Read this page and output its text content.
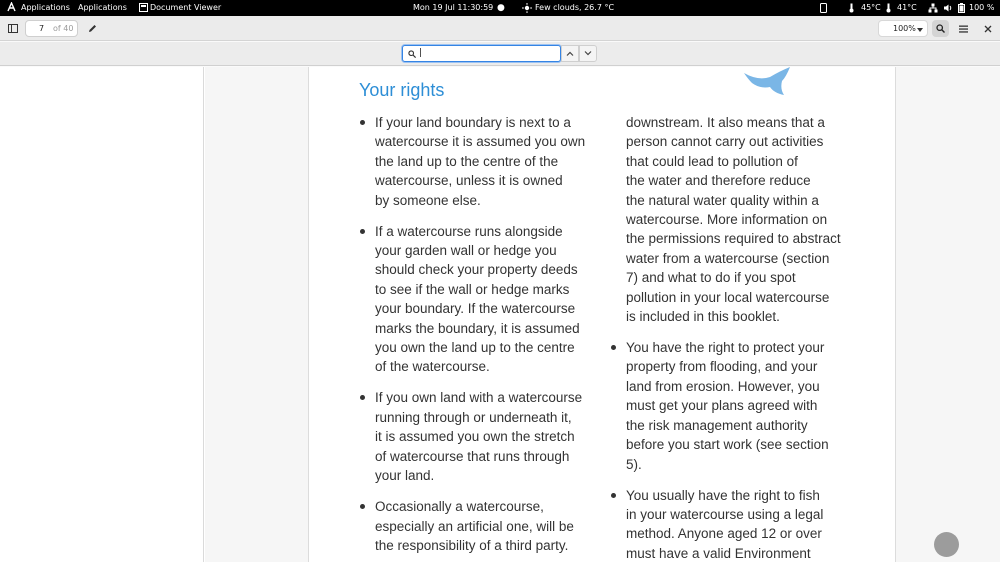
Applications Applications	Document Viewer	Mon 19 Jul 11:30:59 ●	Few clouds, 26.7 °C	45°C 41°C	100 %
7 of 40	100%
|
Your rights
If your land boundary is next to a
watercourse it is assumed you own
the land up to the centre of the
watercourse, unless it is owned
by someone else.
If a watercourse runs alongside
your garden wall or hedge you
should check your property deeds
to see if the wall or hedge marks
your boundary. If the watercourse
marks the boundary, it is assumed
you own the land up to the centre
of the watercourse.
If you own land with a watercourse
running through or underneath it,
it is assumed you own the stretch
of watercourse that runs through
your land.
Occasionally a watercourse,
especially an artificial one, will be
the responsibility of a third party.
downstream. It also means that a
person cannot carry out activities
that could lead to pollution of
the water and therefore reduce
the natural water quality within a
watercourse. More information on
the permissions required to abstract
water from a watercourse (section
7) and what to do if you spot
pollution in your local watercourse
is included in this booklet.
You have the right to protect your
property from flooding, and your
land from erosion. However, you
must get your plans agreed with
the risk management authority
before you start work (see section
5).
You usually have the right to fish
in your watercourse using a legal
method. Anyone aged 12 or over
must have a valid Environment
